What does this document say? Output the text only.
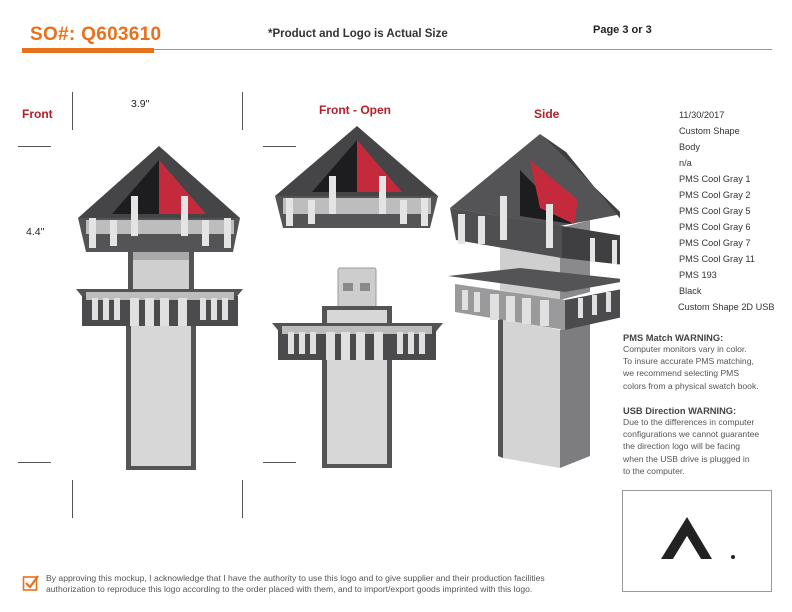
SO#: Q603610	*Product and Logo is Actual Size	Page 3 or 3
Front	Front - Open	Side
3.9"
4.4"
11/30/2017
Custom Shape
Body
n/a
PMS Cool Gray 1
PMS Cool Gray 2
PMS Cool Gray 5
PMS Cool Gray 6
PMS Cool Gray 7
PMS Cool Gray 11
PMS 193
Black
Custom Shape 2D USB
PMS Match WARNING:
Computer monitors vary in color.
To insure accurate PMS matching,
we recommend selecting PMS
colors from a physical swatch book.
USB Direction WARNING:
Due to the differences in computer
configurations we cannot guarantee
the direction logo will be facing
when the USB drive is plugged in
to the computer.
By approving this mockup, I acknowledge that I have the authority to use this logo and to give supplier and their production facilities
authorization to reproduce this logo according to the order placed with them, and to import/export goods imprinted with this logo.
